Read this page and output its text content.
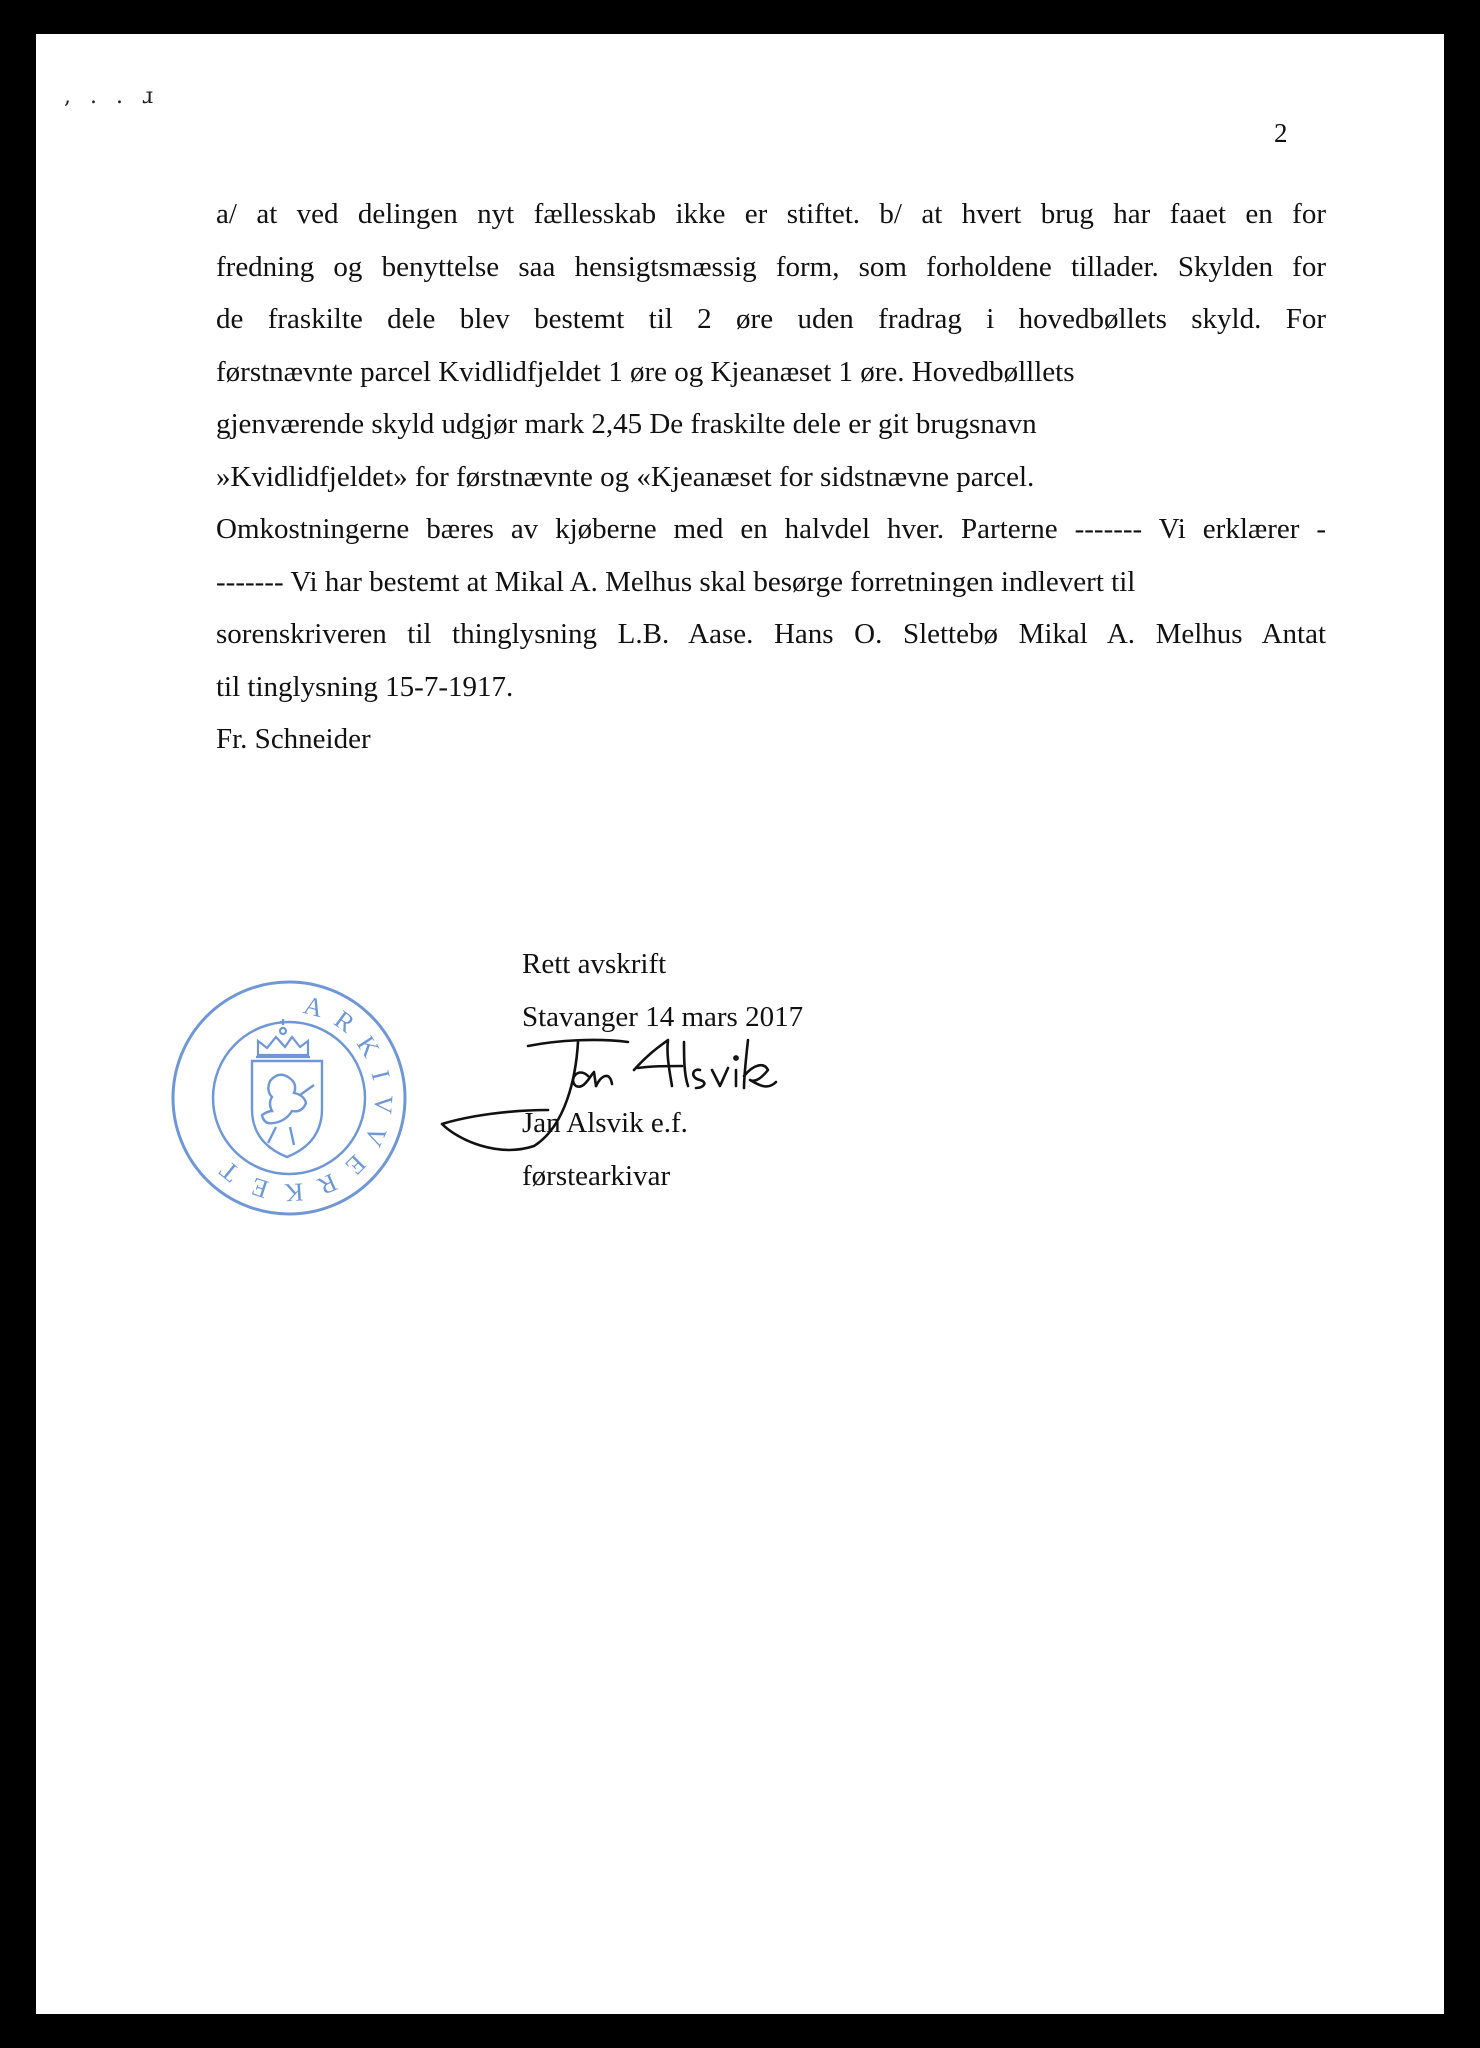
, . . ɹ
2
a/ at ved delingen nyt fællesskab ikke er stiftet. b/ at hvert brug har faaet en for
fredning og benyttelse saa hensigtsmæssig form, som forholdene tillader. Skylden for
de fraskilte dele blev bestemt til 2 øre uden fradrag i hovedbøllets skyld. For
førstnævnte parcel Kvidlidfjeldet 1 øre og Kjeanæset 1 øre. Hovedbølllets
gjenværende skyld udgjør mark 2,45 De fraskilte dele er git brugsnavn
»Kvidlidfjeldet» for førstnævnte og «Kjeanæset for sidstnævne parcel.
Omkostningerne bæres av kjøberne med en halvdel hver. Parterne ------- Vi erklærer -
------- Vi har bestemt at Mikal A. Melhus skal besørge forretningen indlevert til
sorenskriveren til thinglysning L.B. Aase. Hans O. Slettebø Mikal A. Melhus Antat
til tinglysning 15-7-1917.
Fr. Schneider
A R
K
I
V
V
E
R
K
E
T
Rett avskrift
Stavanger 14 mars 2017
Jan Alsvik e.f.
førstearkivar
